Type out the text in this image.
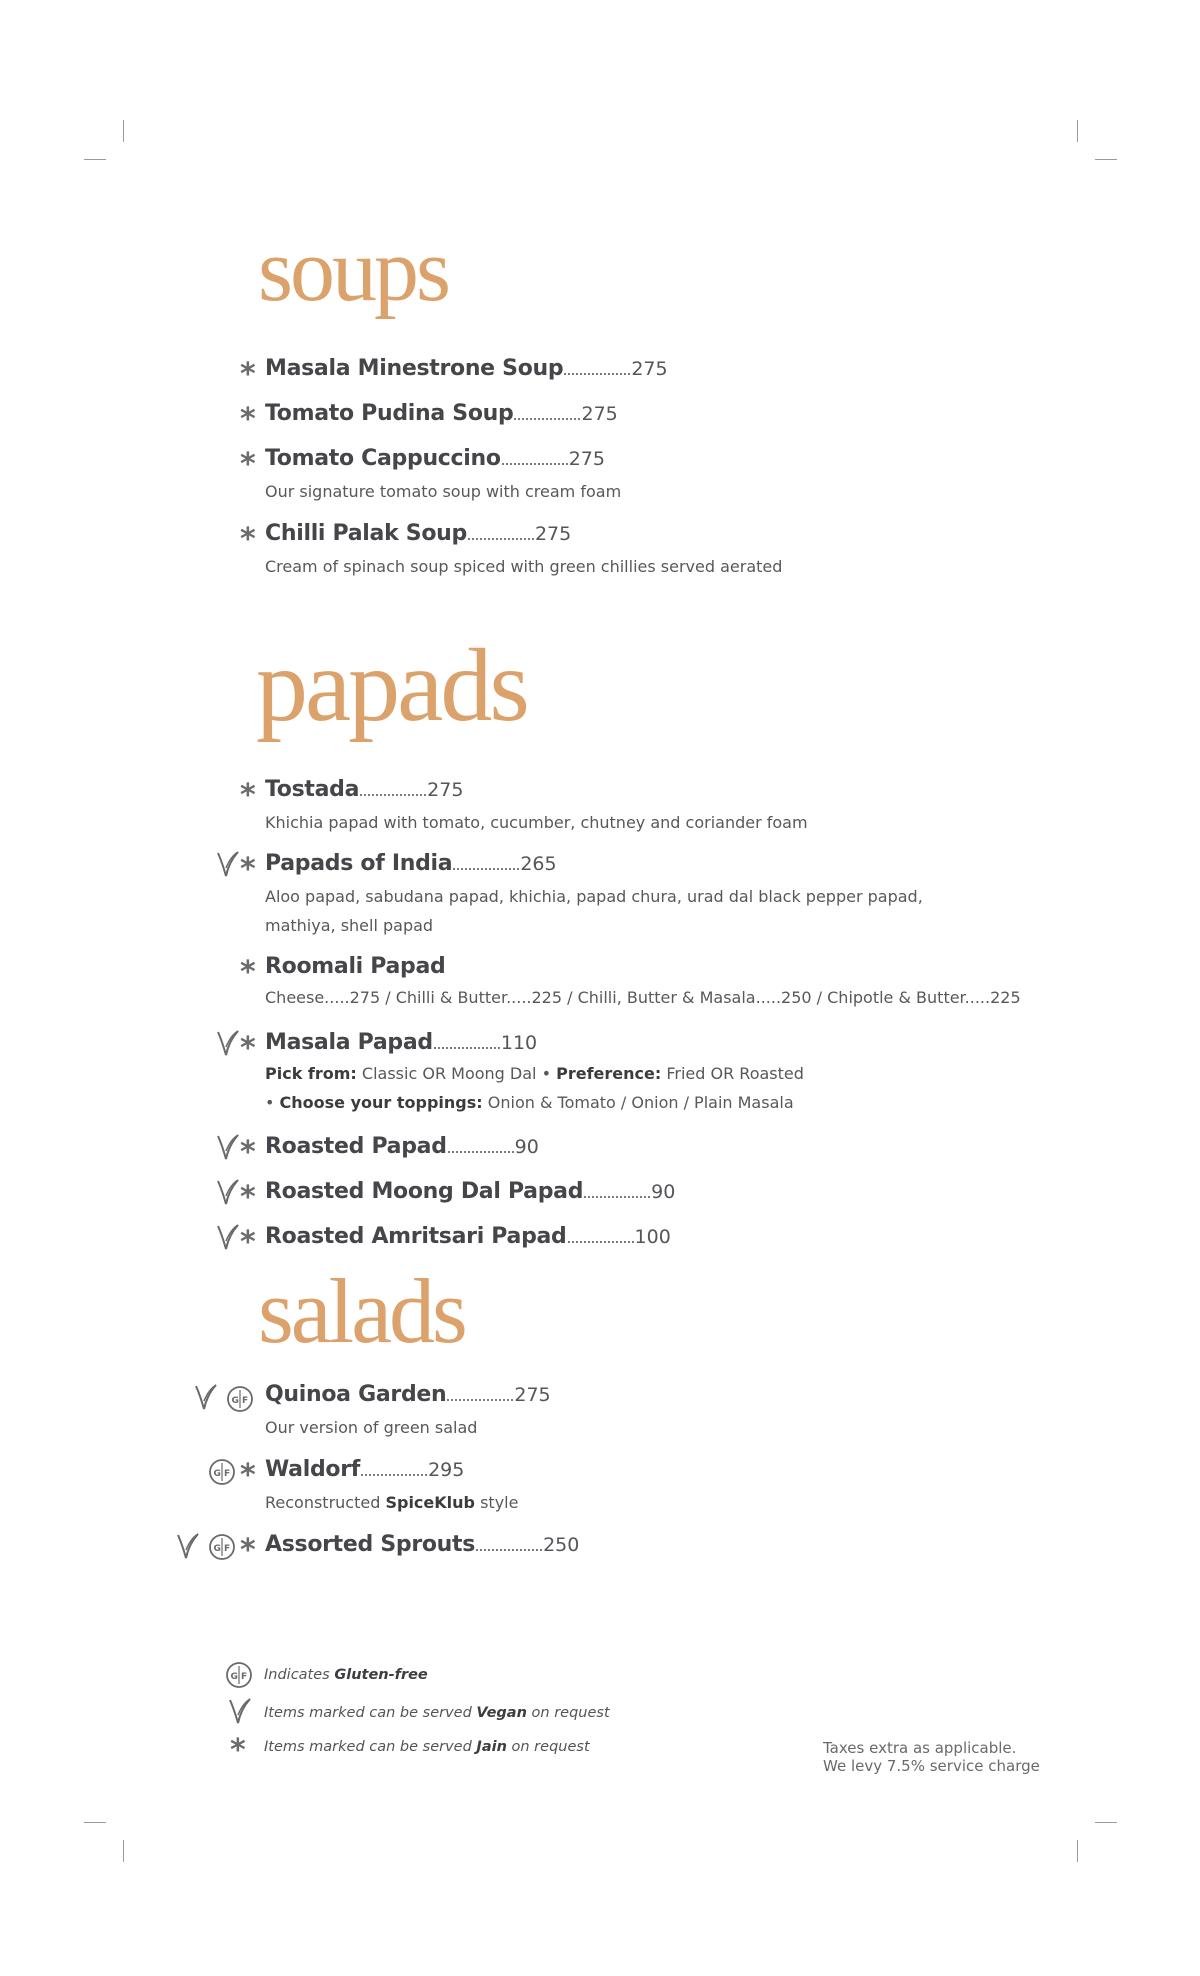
soups
* Masala Minestrone Soup	275
* Tomato Pudina Soup	275
* Tomato Cappuccino	275
Our signature tomato soup with cream foam
* Chilli Palak Soup	275
Cream of spinach soup spiced with green chillies served aerated
papads
* Tostada	275
Khichia papad with tomato, cucumber, chutney and coriander foam
* Papads of India	265
Aloo papad, sabudana papad, khichia, papad chura, urad dal black pepper papad,
mathiya, shell papad
* Roomali Papad
Cheese.....275 / Chilli & Butter.....225 / Chilli, Butter & Masala.....250 / Chipotle & Butter.....225
* Masala Papad	110
Pick from: Classic OR Moong Dal • Preference: Fried OR Roasted
• Choose your toppings: Onion & Tomato / Onion / Plain Masala
* Roasted Papad	90
* Roasted Moong Dal Papad	90
* Roasted Amritsari Papad	100
salads
G F Quinoa Garden	275
Our version of green salad
G F * Waldorf	295
Reconstructed SpiceKlub style
G F * Assorted Sprouts	250
G F Indicates Gluten-free
Items marked can be served Vegan on request
* Items marked can be served Jain on request	Taxes extra as applicable.
We levy 7.5% service charge
